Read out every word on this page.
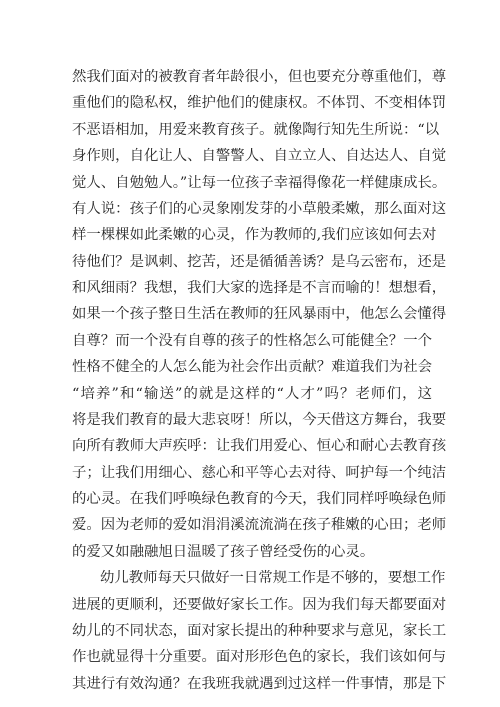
然我们面对的被教育者年龄很小，但也要充分尊重他们，尊
重他们的隐私权，维护他们的健康权。不体罚、不变相体罚
不恶语相加，用爱来教育孩子。就像陶行知先生所说：“以
身作则，自化让人、自警警人、自立立人、自达达人、自觉
觉人、自勉勉人。”让每一位孩子幸福得像花一样健康成长。
有人说：孩子们的心灵象刚发芽的小草般柔嫩，那么面对这
样一棵棵如此柔嫩的心灵，作为教师的,我们应该如何去对
待他们？是讽刺、挖苦，还是循循善诱？是乌云密布，还是
和风细雨？我想，我们大家的选择是不言而喻的！想想看，
如果一个孩子整日生活在教师的狂风暴雨中，他怎么会懂得
自尊？而一个没有自尊的孩子的性格怎么可能健全？一个
性格不健全的人怎么能为社会作出贡献？难道我们为社会
“培养”和“输送”的就是这样的“人才”吗？老师们，这
将是我们教育的最大悲哀呀！所以，今天借这方舞台，我要
向所有教师大声疾呼：让我们用爱心、恒心和耐心去教育孩
子；让我们用细心、慈心和平等心去对待、呵护每一个纯洁
的心灵。在我们呼唤绿色教育的今天，我们同样呼唤绿色师
爱。因为老师的爱如涓涓溪流流淌在孩子稚嫩的心田；老师
的爱又如融融旭日温暖了孩子曾经受伤的心灵。
幼儿教师每天只做好一日常规工作是不够的，要想工作
进展的更顺利，还要做好家长工作。因为我们每天都要面对
幼儿的不同状态，面对家长提出的种种要求与意见，家长工
作也就显得十分重要。面对形形色色的家长，我们该如何与
其进行有效沟通？在我班我就遇到过这样一件事情，那是下
